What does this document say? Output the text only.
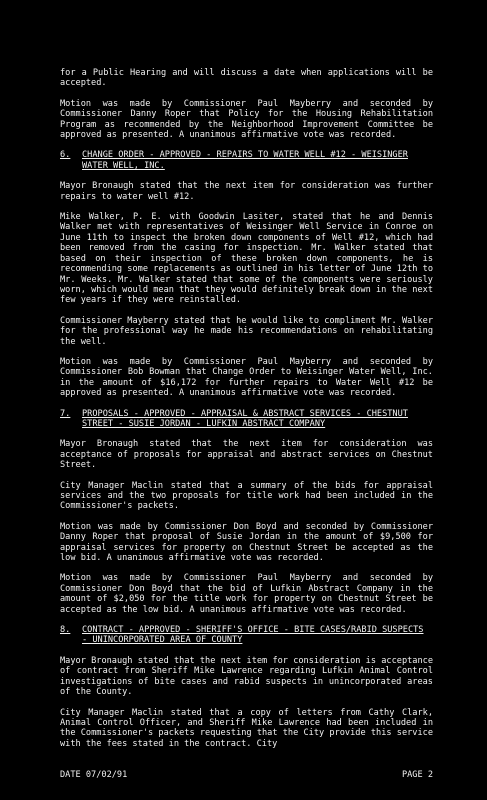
for a Public Hearing and will discuss a date when applications will be accepted.

Motion was made by Commissioner Paul Mayberry and seconded by Commissioner Danny Roper that Policy for the Housing Rehabilitation Program as recommended by the Neighborhood Improvement Committee be approved as presented. A unanimous affirmative vote was recorded.

6.	CHANGE ORDER - APPROVED - REPAIRS TO WATER WELL #12 - WEISINGER WATER WELL, INC.

Mayor Bronaugh stated that the next item for consideration was further repairs to water well #12.

Mike Walker, P. E. with Goodwin Lasiter, stated that he and Dennis Walker met with representatives of Weisinger Well Service in Conroe on June 11th to inspect the broken down components of Well #12, which had been removed from the casing for inspection. Mr. Walker stated that based on their inspection of these broken down components, he is recommending some replacements as outlined in his letter of June 12th to Mr. Weeks. Mr. Walker stated that some of the components were seriously worn, which would mean that they would definitely break down in the next few years if they were reinstalled.

Commissioner Mayberry stated that he would like to compliment Mr. Walker for the professional way he made his recommendations on rehabilitating the well.

Motion was made by Commissioner Paul Mayberry and seconded by Commissioner Bob Bowman that Change Order to Weisinger Water Well, Inc. in the amount of $16,172 for further repairs to Water Well #12 be approved as presented. A unanimous affirmative vote was recorded.

7.	PROPOSALS - APPROVED - APPRAISAL & ABSTRACT SERVICES - CHESTNUT STREET - SUSIE JORDAN - LUFKIN ABSTRACT COMPANY

Mayor Bronaugh stated that the next item for consideration was acceptance of proposals for appraisal and abstract services on Chestnut Street.

City Manager Maclin stated that a summary of the bids for appraisal services and the two proposals for title work had been included in the Commissioner's packets.

Motion was made by Commissioner Don Boyd and seconded by Commissioner Danny Roper that proposal of Susie Jordan in the amount of $9,500 for appraisal services for property on Chestnut Street be accepted as the low bid. A unanimous affirmative vote was recorded.

Motion was made by Commissioner Paul Mayberry and seconded by Commissioner Don Boyd that the bid of Lufkin Abstract Company in the amount of $2,050 for the title work for property on Chestnut Street be accepted as the low bid. A unanimous affirmative vote was recorded.

8.	CONTRACT - APPROVED - SHERIFF'S OFFICE - BITE CASES/RABID SUSPECTS - UNINCORPORATED AREA OF COUNTY

Mayor Bronaugh stated that the next item for consideration is acceptance of contract from Sheriff Mike Lawrence regarding Lufkin Animal Control investigations of bite cases and rabid suspects in unincorporated areas of the County.

City Manager Maclin stated that a copy of letters from Cathy Clark, Animal Control Officer, and Sheriff Mike Lawrence had been included in the Commissioner's packets requesting that the City provide this service with the fees stated in the contract. City

DATE 07/02/91	PAGE 2
